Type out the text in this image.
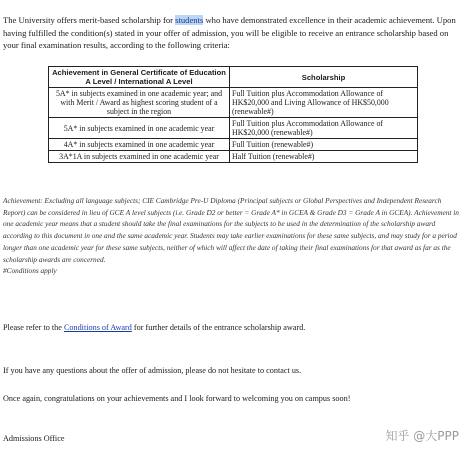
The University offers merit-based scholarship for students who have demonstrated excellence in their academic achievement. Upon having fulfilled the condition(s) stated in your offer of admission, you will be eligible to receive an entrance scholarship based on your final examination results, according to the following criteria:
Achievement in General Certificate of Education A Level / International A Level	Scholarship
5A* in subjects examined in one academic year; and with Merit / Award as highest scoring student of a subject in the region	Full Tuition plus Accommodation Allowance of HK$20,000 and Living Allowance of HK$50,000 (renewable#)
5A* in subjects examined in one academic year	Full Tuition plus Accommodation Allowance of HK$20,000 (renewable#)
4A* in subjects examined in one academic year	Full Tuition (renewable#)
3A*1A in subjects examined in one academic year	Half Tuition (renewable#)
Achievement: Excluding all language subjects; CIE Cambridge Pre-U Diploma (Principal subjects or Global Perspectives and Independent Research Report) can be considered in lieu of GCE A level subjects (i.e. Grade D2 or better = Grade A* in GCEA & Grade D3 = Grade A in GCEA). Achievement in one academic year means that a student should take the final examinations for the subjects to be used in the determination of the scholarship award according to this document in one and the same academic year. Students may take earlier examinations for these same subjects, and may study for a period longer than one academic year for these same subjects, neither of which will affect the date of taking their final examinations for that award as far as the scholarship awards are concerned.
#Conditions apply
Please refer to the Conditions of Award for further details of the entrance scholarship award.
If you have any questions about the offer of admission, please do not hesitate to contact us.
Once again, congratulations on your achievements and I look forward to welcoming you on campus soon!
Admissions Office	知乎 @大PPP
